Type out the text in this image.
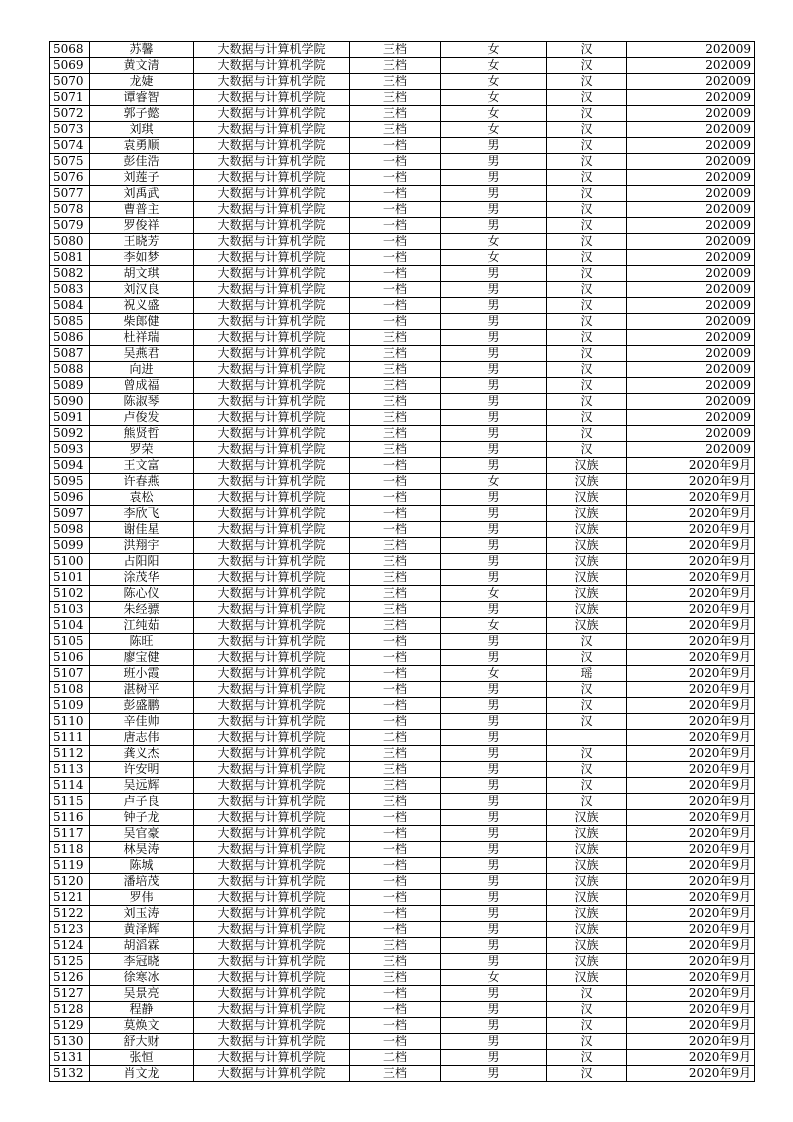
5068	苏馨	大数据与计算机学院	三档	女	汉	202009
5069	黄文清	大数据与计算机学院	三档	女	汉	202009
5070	龙婕	大数据与计算机学院	三档	女	汉	202009
5071	谭睿智	大数据与计算机学院	三档	女	汉	202009
5072	郭子懿	大数据与计算机学院	三档	女	汉	202009
5073	刘琪	大数据与计算机学院	三档	女	汉	202009
5074	袁勇顺	大数据与计算机学院	一档	男	汉	202009
5075	彭佳浩	大数据与计算机学院	一档	男	汉	202009
5076	刘莲子	大数据与计算机学院	一档	男	汉	202009
5077	刘禹武	大数据与计算机学院	一档	男	汉	202009
5078	曹普主	大数据与计算机学院	一档	男	汉	202009
5079	罗俊祥	大数据与计算机学院	一档	男	汉	202009
5080	王晓芳	大数据与计算机学院	一档	女	汉	202009
5081	李如梦	大数据与计算机学院	一档	女	汉	202009
5082	胡文琪	大数据与计算机学院	一档	男	汉	202009
5083	刘汉良	大数据与计算机学院	一档	男	汉	202009
5084	祝义盛	大数据与计算机学院	一档	男	汉	202009
5085	柴郎健	大数据与计算机学院	一档	男	汉	202009
5086	杜祥瑞	大数据与计算机学院	三档	男	汉	202009
5087	吴燕君	大数据与计算机学院	三档	男	汉	202009
5088	向进	大数据与计算机学院	三档	男	汉	202009
5089	曾成福	大数据与计算机学院	三档	男	汉	202009
5090	陈淑琴	大数据与计算机学院	三档	男	汉	202009
5091	卢俊发	大数据与计算机学院	三档	男	汉	202009
5092	熊贤哲	大数据与计算机学院	三档	男	汉	202009
5093	罗荣	大数据与计算机学院	三档	男	汉	202009
5094	王文富	大数据与计算机学院	一档	男	汉族	2020年9月
5095	许春燕	大数据与计算机学院	一档	女	汉族	2020年9月
5096	袁松	大数据与计算机学院	一档	男	汉族	2020年9月
5097	李欣飞	大数据与计算机学院	一档	男	汉族	2020年9月
5098	谢佳星	大数据与计算机学院	一档	男	汉族	2020年9月
5099	洪翔宇	大数据与计算机学院	三档	男	汉族	2020年9月
5100	占阳阳	大数据与计算机学院	三档	男	汉族	2020年9月
5101	涂茂华	大数据与计算机学院	三档	男	汉族	2020年9月
5102	陈心仪	大数据与计算机学院	三档	女	汉族	2020年9月
5103	朱经骠	大数据与计算机学院	三档	男	汉族	2020年9月
5104	江纯茹	大数据与计算机学院	三档	女	汉族	2020年9月
5105	陈旺	大数据与计算机学院	一档	男	汉	2020年9月
5106	廖宝健	大数据与计算机学院	一档	男	汉	2020年9月
5107	班小霞	大数据与计算机学院	一档	女	瑶	2020年9月
5108	湛树平	大数据与计算机学院	一档	男	汉	2020年9月
5109	彭盛鹏	大数据与计算机学院	一档	男	汉	2020年9月
5110	辛佳帅	大数据与计算机学院	一档	男	汉	2020年9月
5111	唐志伟	大数据与计算机学院	二档	男		2020年9月
5112	龚义杰	大数据与计算机学院	三档	男	汉	2020年9月
5113	许安明	大数据与计算机学院	三档	男	汉	2020年9月
5114	吴远辉	大数据与计算机学院	三档	男	汉	2020年9月
5115	卢子良	大数据与计算机学院	三档	男	汉	2020年9月
5116	钟子龙	大数据与计算机学院	一档	男	汉族	2020年9月
5117	吴官豪	大数据与计算机学院	一档	男	汉族	2020年9月
5118	林昊涛	大数据与计算机学院	一档	男	汉族	2020年9月
5119	陈城	大数据与计算机学院	一档	男	汉族	2020年9月
5120	潘培茂	大数据与计算机学院	一档	男	汉族	2020年9月
5121	罗伟	大数据与计算机学院	一档	男	汉族	2020年9月
5122	刘玉涛	大数据与计算机学院	一档	男	汉族	2020年9月
5123	黄泽辉	大数据与计算机学院	一档	男	汉族	2020年9月
5124	胡滔霖	大数据与计算机学院	三档	男	汉族	2020年9月
5125	李冠晓	大数据与计算机学院	三档	男	汉族	2020年9月
5126	徐寒冰	大数据与计算机学院	三档	女	汉族	2020年9月
5127	吴景亮	大数据与计算机学院	一档	男	汉	2020年9月
5128	程静	大数据与计算机学院	一档	男	汉	2020年9月
5129	莫焕文	大数据与计算机学院	一档	男	汉	2020年9月
5130	舒大财	大数据与计算机学院	一档	男	汉	2020年9月
5131	张恒	大数据与计算机学院	二档	男	汉	2020年9月
5132	肖文龙	大数据与计算机学院	三档	男	汉	2020年9月
